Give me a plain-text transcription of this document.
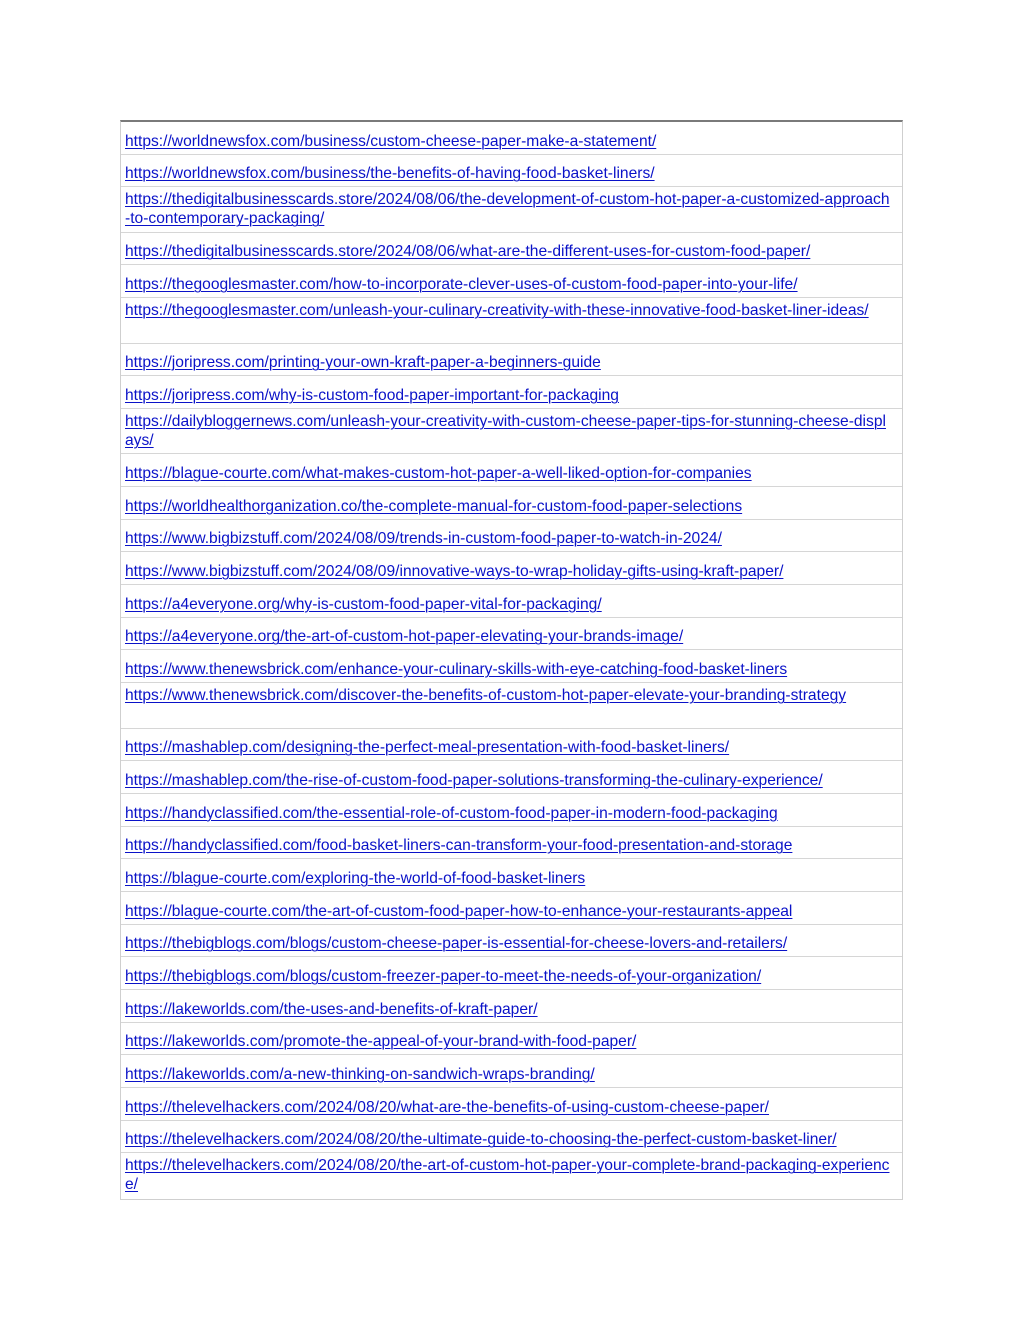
https://worldnewsfox.com/business/custom-cheese-paper-make-a-statement/
https://worldnewsfox.com/business/the-benefits-of-having-food-basket-liners/
https://thedigitalbusinesscards.store/2024/08/06/the-development-of-custom-hot-paper-a-customized-approach-to-contemporary-packaging/
https://thedigitalbusinesscards.store/2024/08/06/what-are-the-different-uses-for-custom-food-paper/
https://thegooglesmaster.com/how-to-incorporate-clever-uses-of-custom-food-paper-into-your-life/
https://thegooglesmaster.com/unleash-your-culinary-creativity-with-these-innovative-food-basket-liner-ideas/
https://joripress.com/printing-your-own-kraft-paper-a-beginners-guide
https://joripress.com/why-is-custom-food-paper-important-for-packaging
https://dailybloggernews.com/unleash-your-creativity-with-custom-cheese-paper-tips-for-stunning-cheese-displays/
https://blague-courte.com/what-makes-custom-hot-paper-a-well-liked-option-for-companies
https://worldhealthorganization.co/the-complete-manual-for-custom-food-paper-selections
https://www.bigbizstuff.com/2024/08/09/trends-in-custom-food-paper-to-watch-in-2024/
https://www.bigbizstuff.com/2024/08/09/innovative-ways-to-wrap-holiday-gifts-using-kraft-paper/
https://a4everyone.org/why-is-custom-food-paper-vital-for-packaging/
https://a4everyone.org/the-art-of-custom-hot-paper-elevating-your-brands-image/
https://www.thenewsbrick.com/enhance-your-culinary-skills-with-eye-catching-food-basket-liners
https://www.thenewsbrick.com/discover-the-benefits-of-custom-hot-paper-elevate-your-branding-strategy
https://mashablep.com/designing-the-perfect-meal-presentation-with-food-basket-liners/
https://mashablep.com/the-rise-of-custom-food-paper-solutions-transforming-the-culinary-experience/
https://handyclassified.com/the-essential-role-of-custom-food-paper-in-modern-food-packaging
https://handyclassified.com/food-basket-liners-can-transform-your-food-presentation-and-storage
https://blague-courte.com/exploring-the-world-of-food-basket-liners
https://blague-courte.com/the-art-of-custom-food-paper-how-to-enhance-your-restaurants-appeal
https://thebigblogs.com/blogs/custom-cheese-paper-is-essential-for-cheese-lovers-and-retailers/
https://thebigblogs.com/blogs/custom-freezer-paper-to-meet-the-needs-of-your-organization/
https://lakeworlds.com/the-uses-and-benefits-of-kraft-paper/
https://lakeworlds.com/promote-the-appeal-of-your-brand-with-food-paper/
https://lakeworlds.com/a-new-thinking-on-sandwich-wraps-branding/
https://thelevelhackers.com/2024/08/20/what-are-the-benefits-of-using-custom-cheese-paper/
https://thelevelhackers.com/2024/08/20/the-ultimate-guide-to-choosing-the-perfect-custom-basket-liner/
https://thelevelhackers.com/2024/08/20/the-art-of-custom-hot-paper-your-complete-brand-packaging-experience/
